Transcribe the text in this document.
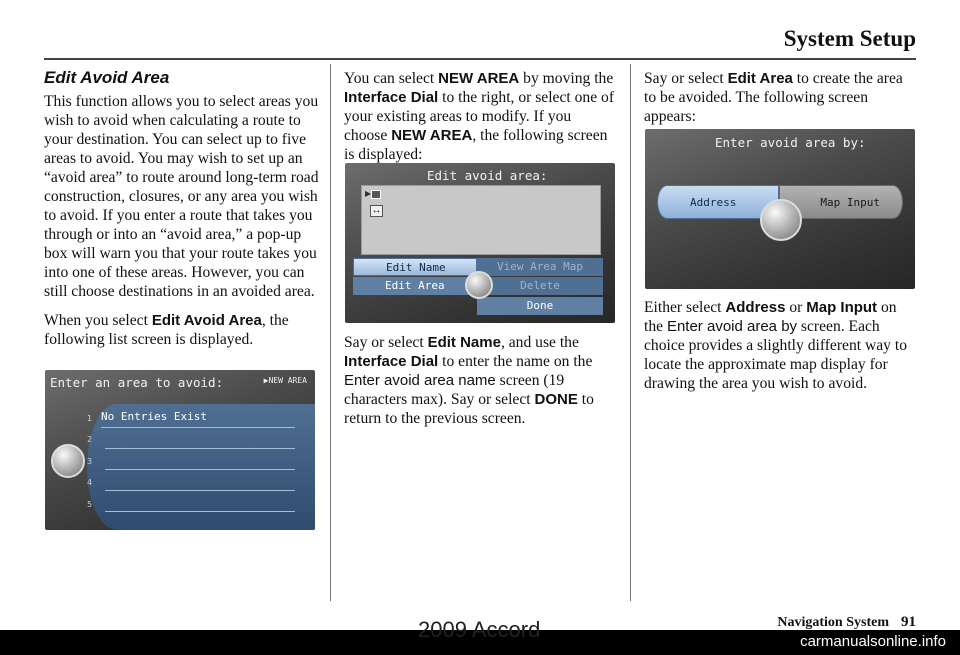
System Setup
Edit Avoid Area

This function allows you to select areas you wish to avoid when calculating a route to your destination. You can select up to five areas to avoid. You may wish to set up an “avoid area” to route around long-term road construction, closures, or any area you wish to avoid. If you enter a route that takes you through or into an “avoid area,” a pop-up box will warn you that your route takes you into one of these areas. However, you can still choose destinations in an avoided area.

When you select Edit Avoid Area, the following list screen is displayed.

Enter an area to avoid:	▶NEW AREA
1
2
3
4
5
No Entries Exist

You can select NEW AREA by moving the Interface Dial to the right, or select one of your existing areas to modify. If you choose NEW AREA, the following screen is displayed:

Edit avoid area:
▶
↔
Edit Name	View Area Map
Edit Area	Delete
Done

Say or select Edit Name, and use the Interface Dial to enter the name on the Enter avoid area name screen (19 characters max). Say or select DONE to return to the previous screen.

Say or select Edit Area to create the area to be avoided. The following screen appears:

Enter avoid area by:
Address	Map Input

Either select Address or Map Input on the Enter avoid area by screen. Each choice provides a slightly different way to locate the approximate map display for drawing the area you wish to avoid.

Navigation System 91
2009 Accord	carmanualsonline.info
